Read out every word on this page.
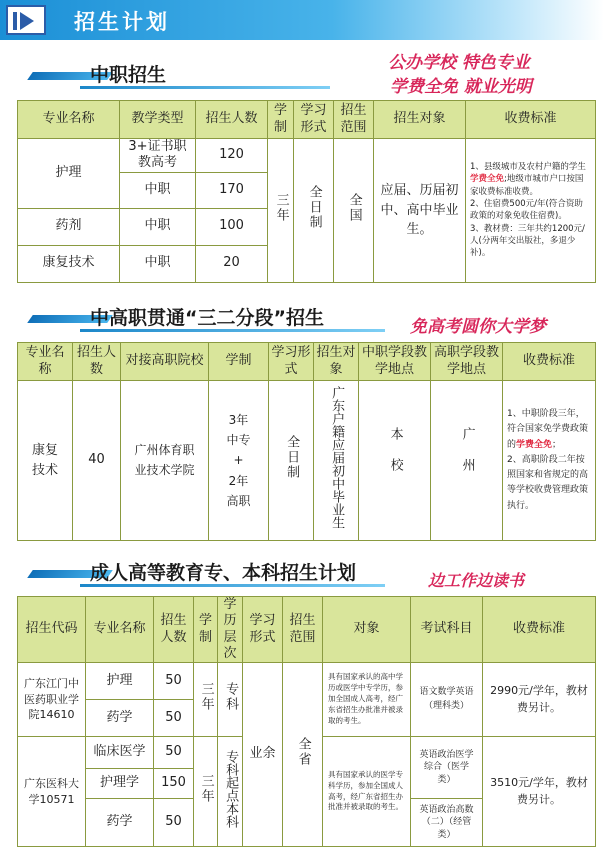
招生计划
中职招生
公办学校 特色专业
学费全免 就业光明
专业名称	教学类型	招生人数	学制	学习形式	招生范围	招生对象	收费标准
护理	3+证书职教高考	120	三年	全日制	全国	应届、历届初中、高中毕业生。	1、县级城市及农村户籍的学生学费全免;地级市城市户口按国家收费标准收费。
2、住宿费500元/年(符合资助政策的对象免收住宿费)。
3、教材费：三年共约1200元/人(分两年交出版社，多退少补)。
	中职	170					
药剂	中职	100					
康复技术	中职	20					
中高职贯通“三二分段”招生	免高考圆你大学梦
专业名称	招生人数	对接高职院校	学制	学习形式	招生对象	中职学段教学地点	高职学段教学地点	收费标准
康复技术	40	广州体育职业技术学院	3年
中专
+
2年
高职	全日制	广东户籍应届初中毕业生	本校	广州	1、中职阶段三年，符合国家免学费政策的学费全免；
2、高职阶段二年按照国家和省规定的高等学校收费管理政策执行。
成人高等教育专、本科招生计划	边工作边读书
招生代码	专业名称	招生人数	学制	学历层次	学习形式	招生范围	对象	考试科目	收费标准
广东江门中医药职业学院14610	护理	50	三年	专科	业余	全省	具有国家承认的高中学历或医学中专学历，参加全国成人高考，经广东省招生办批准并被录取的考生。	语文数学英语（理科类）	2990元/学年，教材费另计。
	药学	50							
广东医科大学10571	临床医学	50	三年	专科起点本科			具有国家承认的医学专科学历，参加全国成人高考，经广东省招生办批准并被录取的考生。	英语政治医学综合（医学类）	3510元/学年，教材费另计。
	护理学	150							
	药学	50						英语政治高数（二）（经管类）	
